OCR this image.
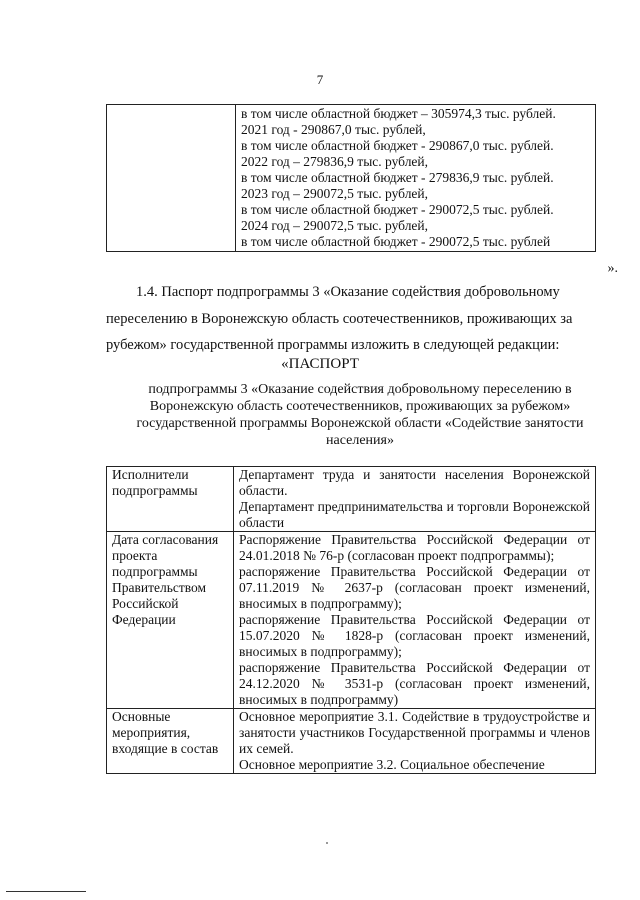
7

в том числе областной бюджет – 305974,3 тыс. рублей.
2021 год - 290867,0 тыс. рублей,
в том числе областной бюджет - 290867,0 тыс. рублей.
2022 год – 279836,9 тыс. рублей,
в том числе областной бюджет - 279836,9 тыс. рублей.
2023 год – 290072,5 тыс. рублей,
в том числе областной бюджет - 290072,5 тыс. рублей.
2024 год – 290072,5 тыс. рублей,
в том числе областной бюджет - 290072,5 тыс. рублей
».
1.4. Паспорт подпрограммы 3 «Оказание содействия добровольному
переселению в Воронежскую область соотечественников, проживающих за
рубежом» государственной программы изложить в следующей редакции:
«ПАСПОРТ
подпрограммы 3 «Оказание содействия добровольному переселению в
Воронежскую область соотечественников, проживающих за рубежом»
государственной программы Воронежской области «Содействие занятости
населения»
Исполнители подпрограммы	Департамент труда и занятости населения Воронежской области.
Департамент предпринимательства и торговли Воронежской области

Дата согласования проекта подпрограммы Правительством Российской Федерации	Распоряжение Правительства Российской Федерации от 24.01.2018 № 76-р (согласован проект подпрограммы);
распоряжение Правительства Российской Федерации от 07.11.2019 № 2637-р (согласован проект изменений, вносимых в подпрограмму);
распоряжение Правительства Российской Федерации от 15.07.2020 № 1828-р (согласован проект изменений, вносимых в подпрограмму);
распоряжение Правительства Российской Федерации от 24.12.2020 № 3531-р (согласован проект изменений, вносимых в подпрограмму)

Основные мероприятия, входящие в состав	Основное мероприятие 3.1. Содействие в трудоустройстве и занятости участников Государственной программы и членов их семей.
Основное мероприятие 3.2. Социальное обеспечение
